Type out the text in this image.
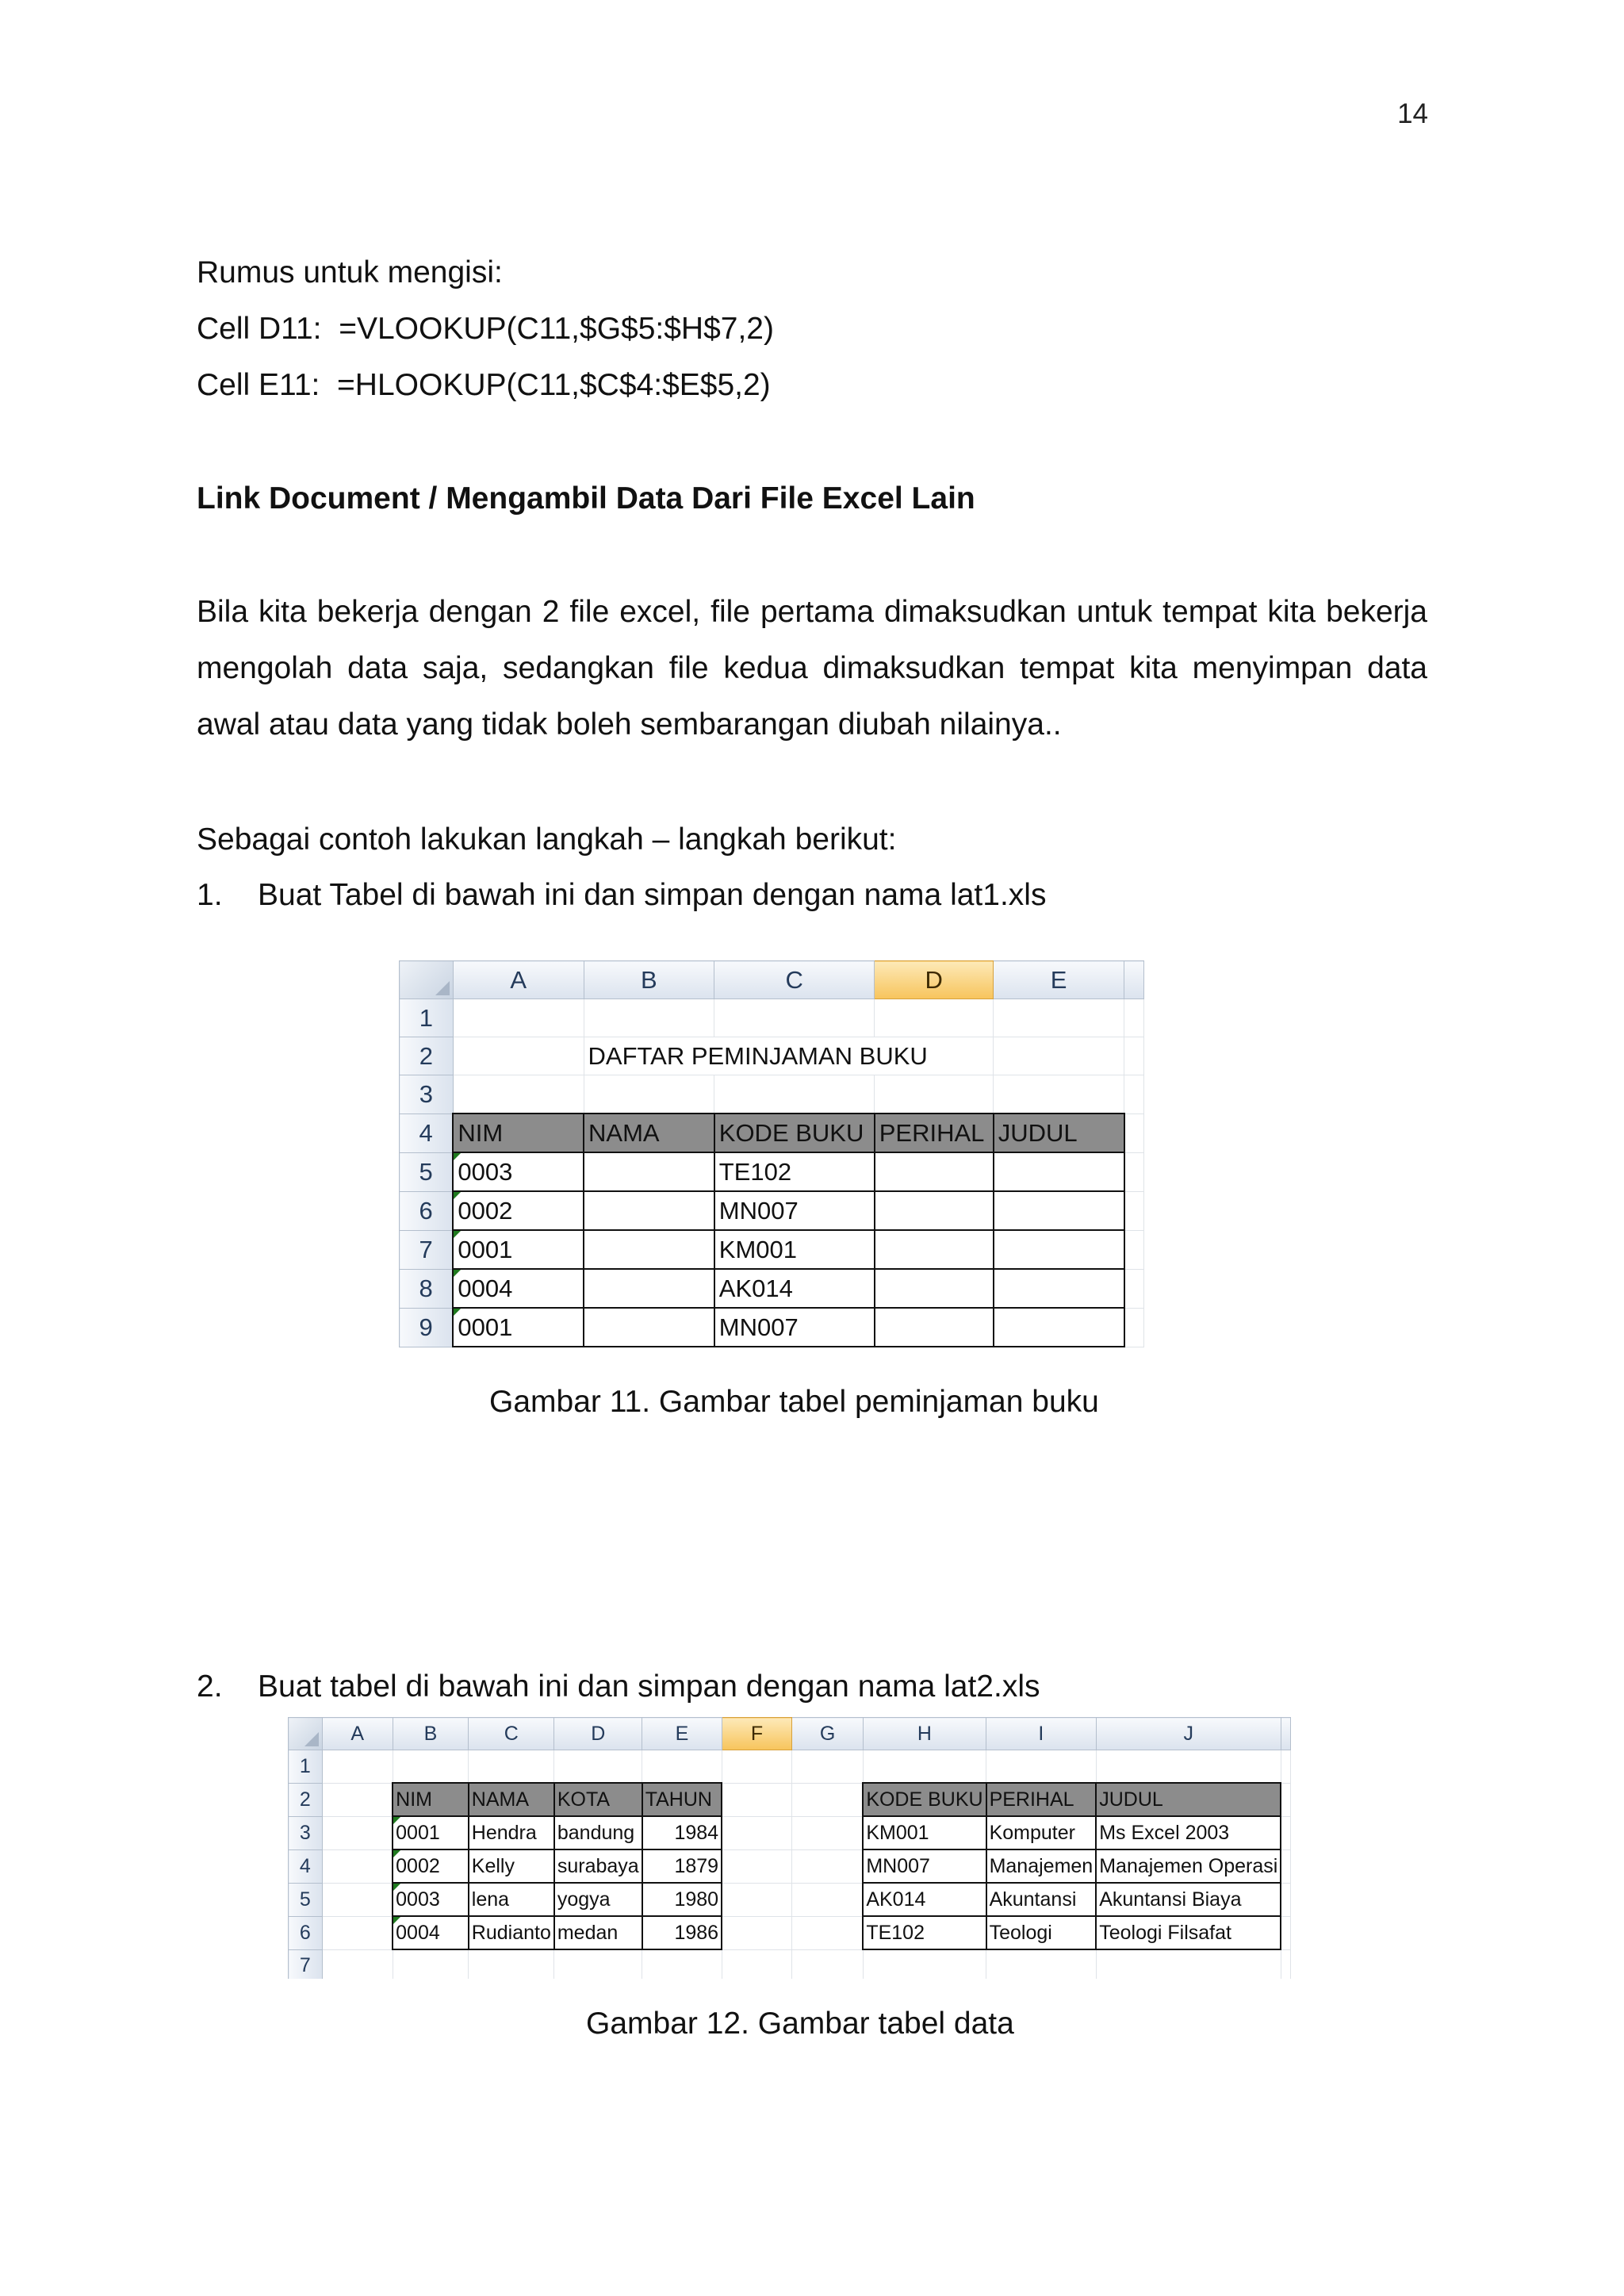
14
Rumus untuk mengisi:
Cell D11: =VLOOKUP(C11,$G$5:$H$7,2)
Cell E11: =HLOOKUP(C11,$C$4:$E$5,2)
Link Document / Mengambil Data Dari File Excel Lain
Bila kita bekerja dengan 2 file excel, file pertama dimaksudkan untuk tempat kita bekerja mengolah data saja, sedangkan file kedua dimaksudkan tempat kita menyimpan data awal atau data yang tidak boleh sembarangan diubah nilainya..
Sebagai contoh lakukan langkah – langkah berikut:
1. Buat Tabel di bawah ini dan simpan dengan nama lat1.xls
	A	B	C	D	E	
1						
2		DAFTAR PEMINJAMAN BUKU				
3						
4	NIM	NAMA	KODE BUKU	PERIHAL	JUDUL	
5	0003		TE102			
6	0002		MN007			
7	0001		KM001			
8	0004		AK014			
9	0001		MN007			
Gambar 11. Gambar tabel peminjaman buku
2. Buat tabel di bawah ini dan simpan dengan nama lat2.xls
	A	B	C	D	E	F	G	H	I	J	
1											
2		NIM	NAMA	KOTA	TAHUN			KODE BUKU	PERIHAL	JUDUL	
3		0001	Hendra	bandung	1984			KM001	Komputer	Ms Excel 2003	
4		0002	Kelly	surabaya	1879			MN007	Manajemen	Manajemen Operasi	
5		0003	lena	yogya	1980			AK014	Akuntansi	Akuntansi Biaya	
6		0004	Rudianto	medan	1986			TE102	Teologi	Teologi Filsafat	
7											
Gambar 12. Gambar tabel data
